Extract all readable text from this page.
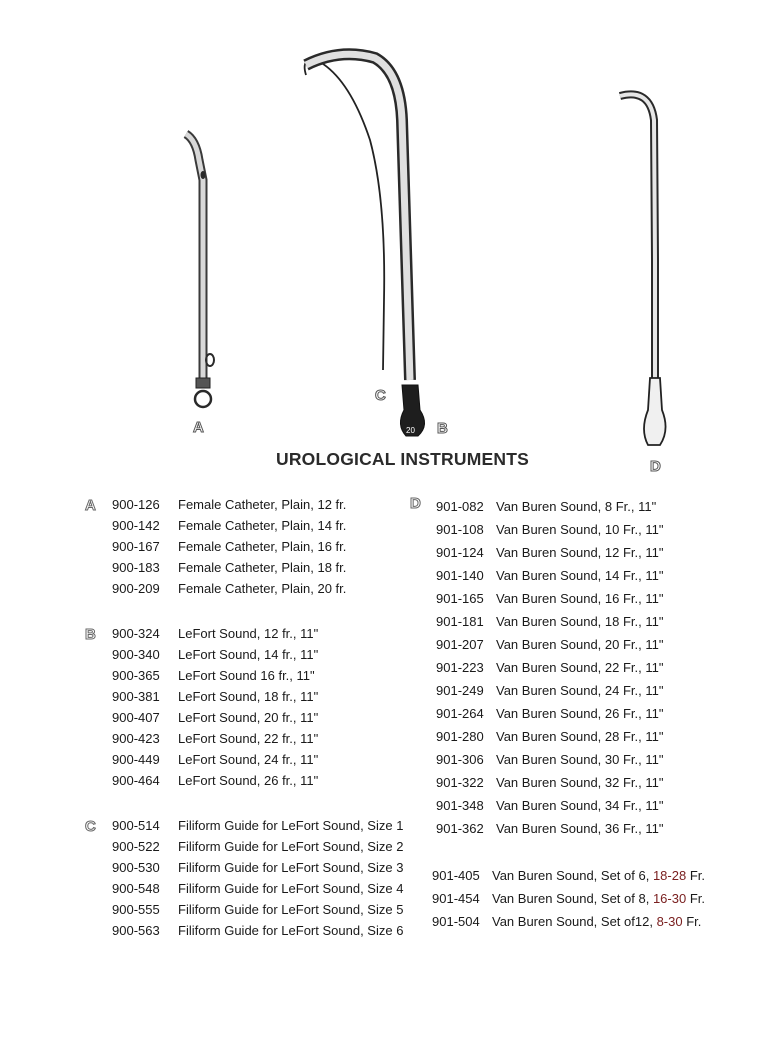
20
A
C
B
D
UROLOGICAL INSTRUMENTS
A 900-126 Female Catheter, Plain, 12 fr.
900-142 Female Catheter, Plain, 14 fr.
900-167 Female Catheter, Plain, 16 fr.
900-183 Female Catheter, Plain, 18 fr.
900-209 Female Catheter, Plain, 20 fr.
B 900-324 LeFort Sound, 12 fr., 11"
900-340 LeFort Sound, 14 fr., 11"
900-365 LeFort Sound 16 fr., 11"
900-381 LeFort Sound, 18 fr., 11"
900-407 LeFort Sound, 20 fr., 11"
900-423 LeFort Sound, 22 fr., 11"
900-449 LeFort Sound, 24 fr., 11"
900-464 LeFort Sound, 26 fr., 11"
C 900-514 Filiform Guide for LeFort Sound, Size 1
900-522 Filiform Guide for LeFort Sound, Size 2
900-530 Filiform Guide for LeFort Sound, Size 3
900-548 Filiform Guide for LeFort Sound, Size 4
900-555 Filiform Guide for LeFort Sound, Size 5
900-563 Filiform Guide for LeFort Sound, Size 6
D 901-082 Van Buren Sound, 8 Fr., 11"
901-108 Van Buren Sound, 10 Fr., 11"
901-124 Van Buren Sound, 12 Fr., 11"
901-140 Van Buren Sound, 14 Fr., 11"
901-165 Van Buren Sound, 16 Fr., 11"
901-181 Van Buren Sound, 18 Fr., 11"
901-207 Van Buren Sound, 20 Fr., 11"
901-223 Van Buren Sound, 22 Fr., 11"
901-249 Van Buren Sound, 24 Fr., 11"
901-264 Van Buren Sound, 26 Fr., 11"
901-280 Van Buren Sound, 28 Fr., 11"
901-306 Van Buren Sound, 30 Fr., 11"
901-322 Van Buren Sound, 32 Fr., 11"
901-348 Van Buren Sound, 34 Fr., 11"
901-362 Van Buren Sound, 36 Fr., 11"
901-405 Van Buren Sound, Set of 6, 18-28 Fr.
901-454 Van Buren Sound, Set of 8, 16-30 Fr.
901-504 Van Buren Sound, Set of12, 8-30 Fr.
